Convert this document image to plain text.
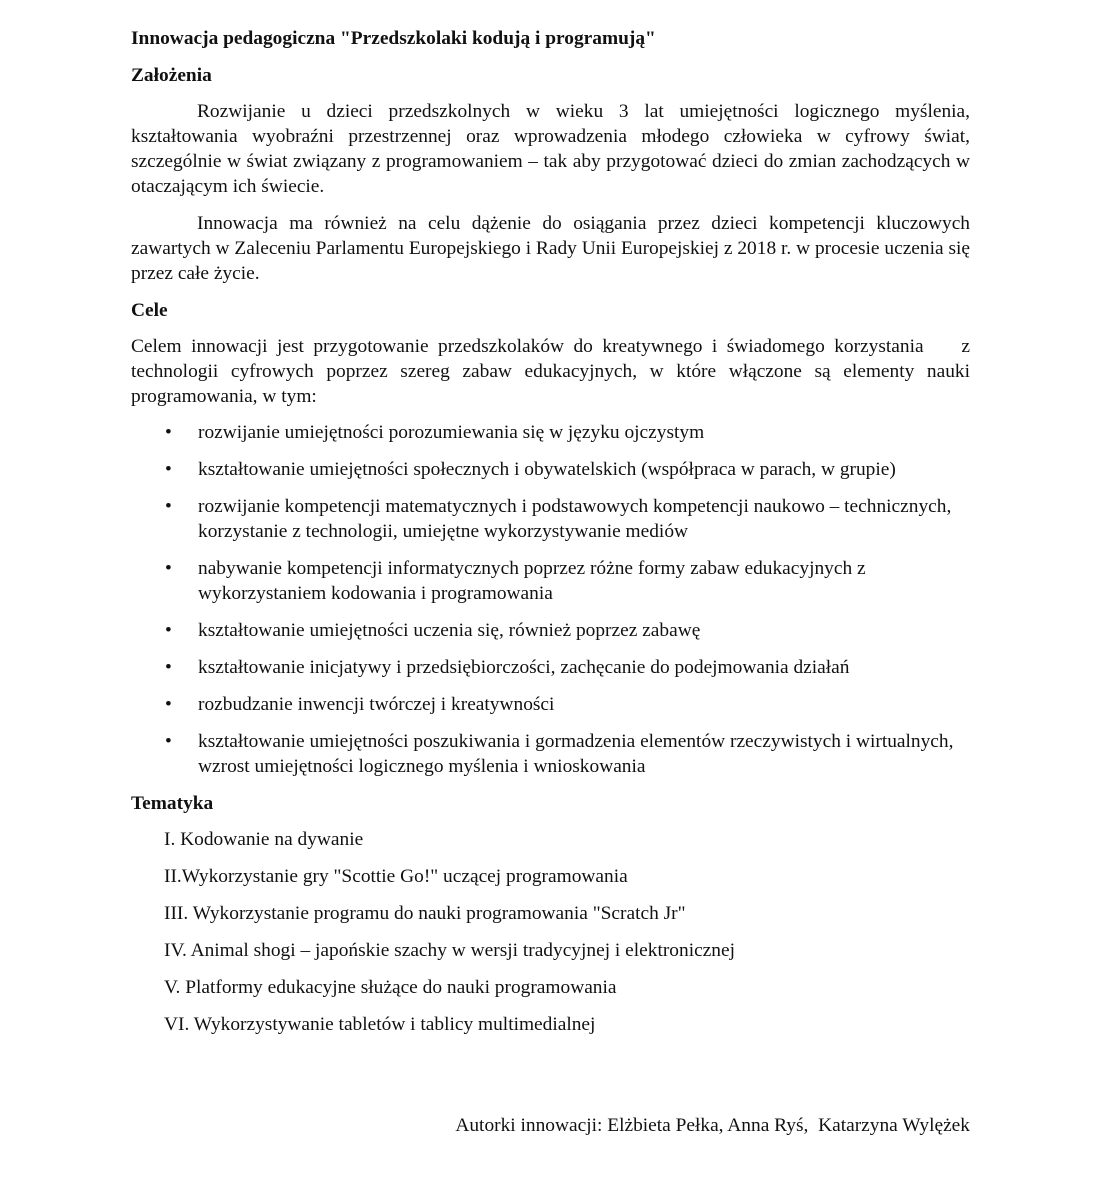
Innowacja pedagogiczna "Przedszkolaki kodują i programują"
Założenia

Rozwijanie u dzieci przedszkolnych w wieku 3 lat umiejętności logicznego myślenia, kształtowania wyobraźni przestrzennej oraz wprowadzenia młodego człowieka w cyfrowy świat, szczególnie w świat związany z programowaniem – tak aby przygotować dzieci do zmian zachodzących w otaczającym ich świecie.

Innowacja ma również na celu dążenie do osiągania przez dzieci kompetencji kluczowych zawartych w Zaleceniu Parlamentu Europejskiego i Rady Unii Europejskiej z 2018 r. w procesie uczenia się przez całe życie.

Cele

Celem innowacji jest przygotowanie przedszkolaków do kreatywnego i świadomego korzystania    z technologii cyfrowych poprzez szereg zabaw edukacyjnych, w które włączone są elementy nauki programowania, w tym:

• rozwijanie umiejętności porozumiewania się w języku ojczystym
• kształtowanie umiejętności społecznych i obywatelskich (współpraca w parach, w grupie)
• rozwijanie kompetencji matematycznych i podstawowych kompetencji naukowo – technicznych, korzystanie z technologii, umiejętne wykorzystywanie mediów
• nabywanie kompetencji informatycznych poprzez różne formy zabaw edukacyjnych z wykorzystaniem kodowania i programowania
• kształtowanie umiejętności uczenia się, również poprzez zabawę
• kształtowanie inicjatywy i przedsiębiorczości, zachęcanie do podejmowania działań
• rozbudzanie inwencji twórczej i kreatywności
• kształtowanie umiejętności poszukiwania i gormadzenia elementów rzeczywistych i wirtualnych, wzrost umiejętności logicznego myślenia i wnioskowania
Tematyka
I. Kodowanie na dywanie
II.Wykorzystanie gry "Scottie Go!" uczącej programowania
III. Wykorzystanie programu do nauki programowania "Scratch Jr"
IV. Animal shogi – japońskie szachy w wersji tradycyjnej i elektronicznej
V. Platformy edukacyjne służące do nauki programowania
VI. Wykorzystywanie tabletów i tablicy multimedialnej
Autorki innowacji: Elżbieta Pełka, Anna Ryś,  Katarzyna Wylężek
